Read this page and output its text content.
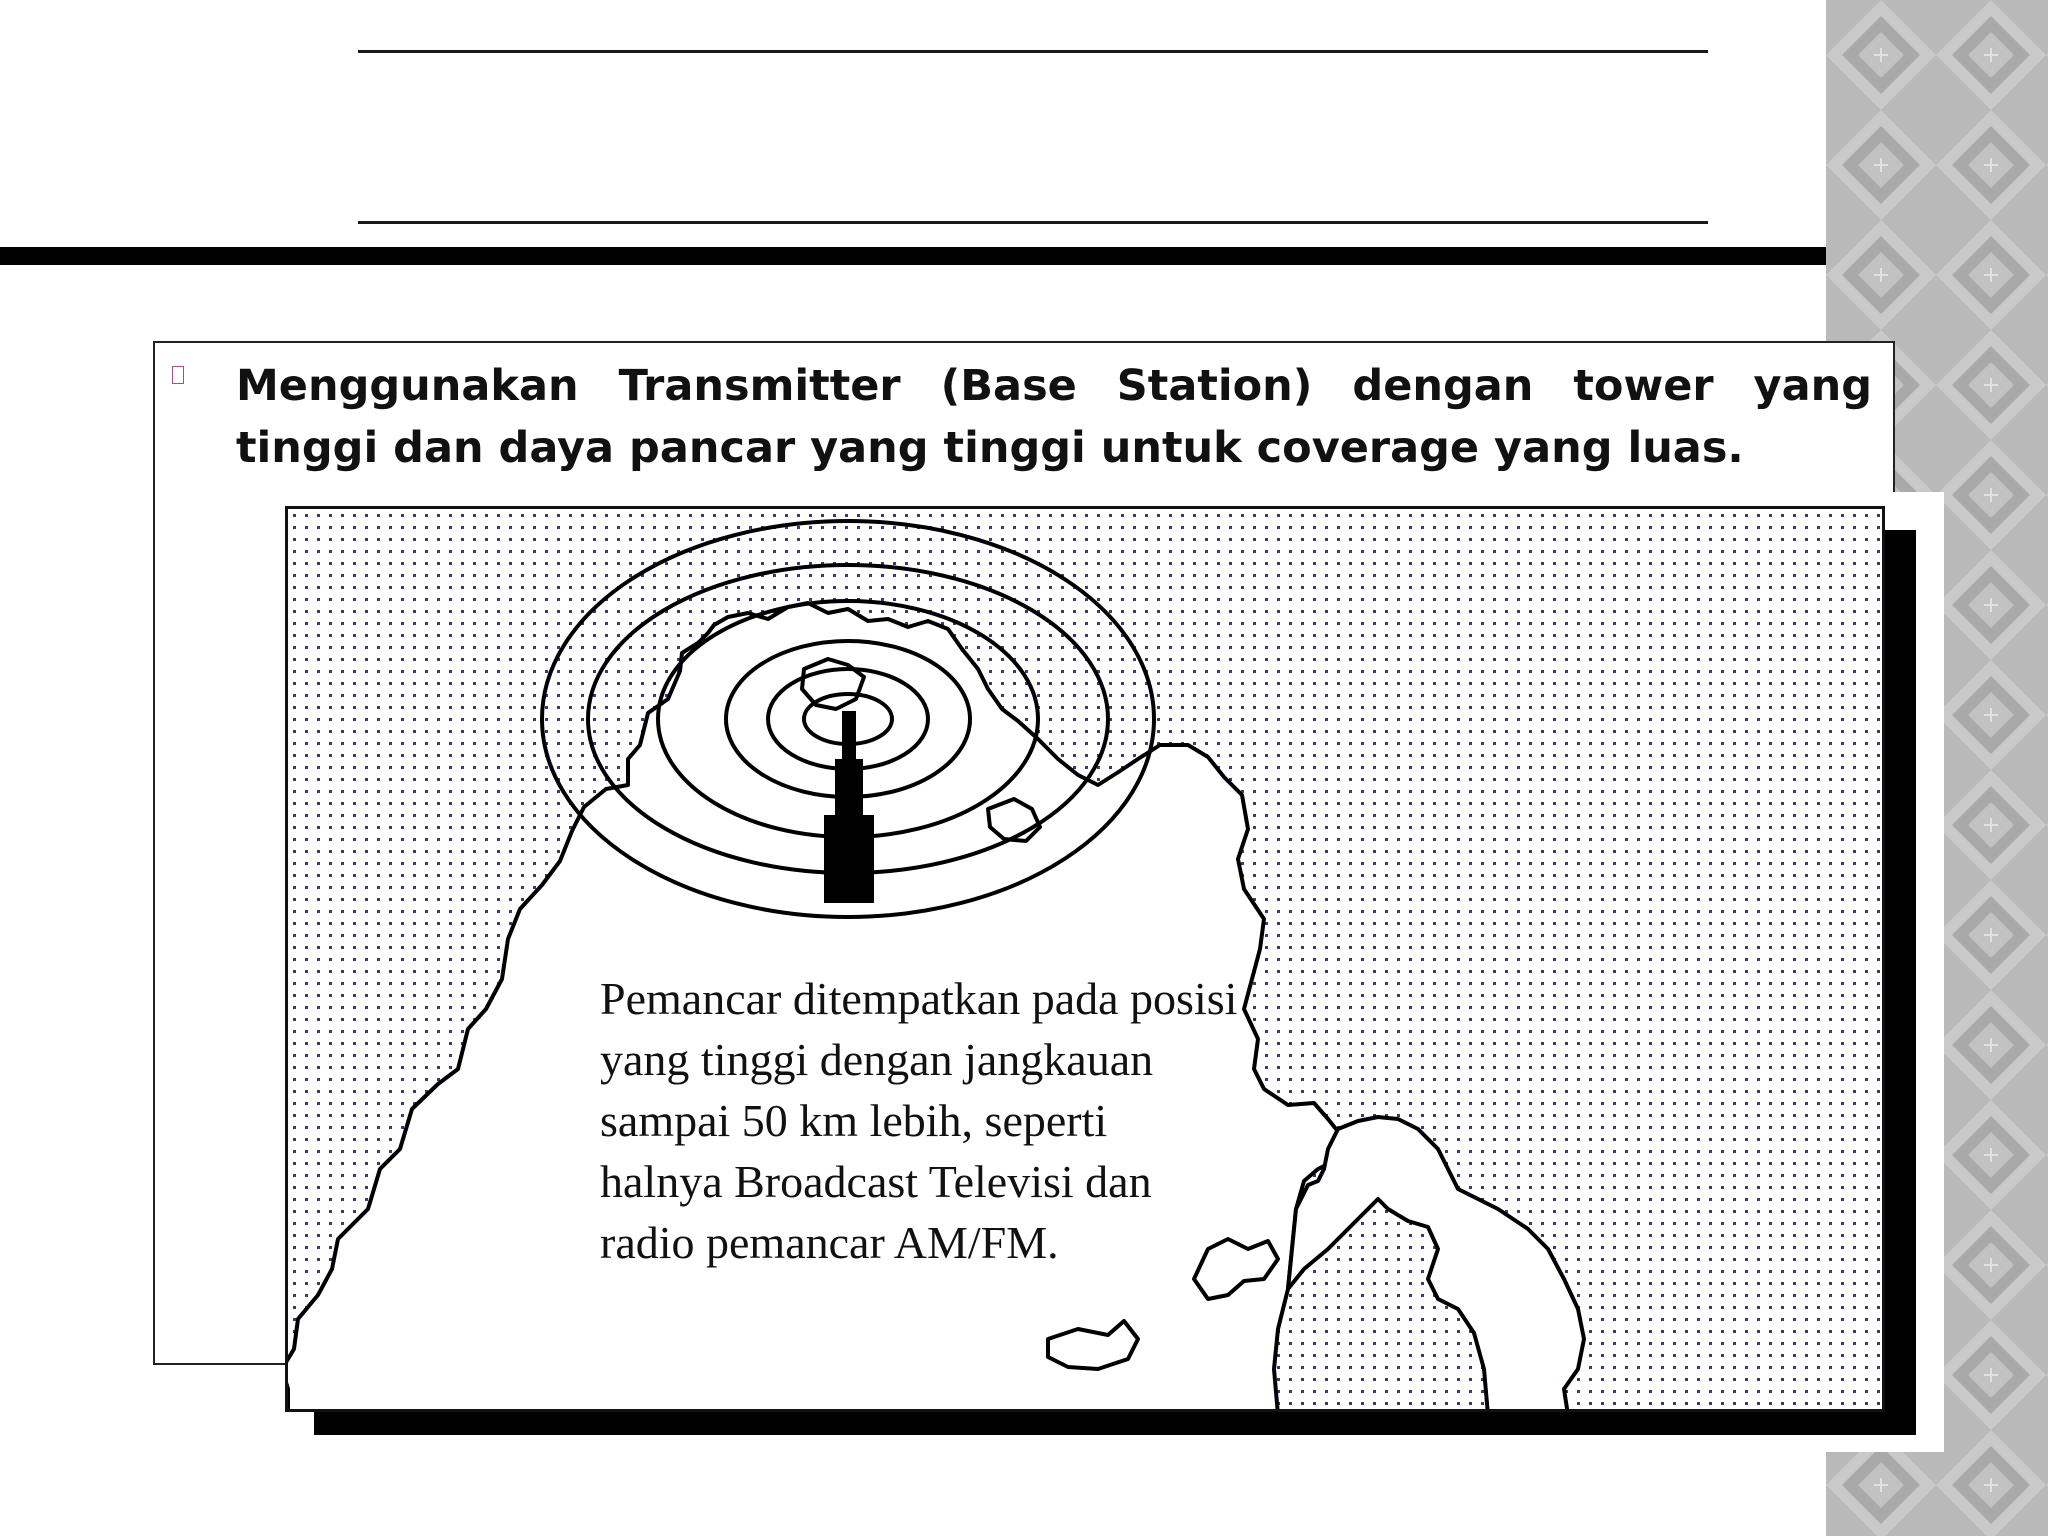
Menggunakan Transmitter (Base Station) dengan tower yang tinggi dan daya pancar yang tinggi untuk coverage yang luas.

Pemancar ditempatkan pada posisi yang tinggi dengan jangkauan sampai 50 km lebih, seperti halnya Broadcast Televisi dan radio pemancar AM/FM.
